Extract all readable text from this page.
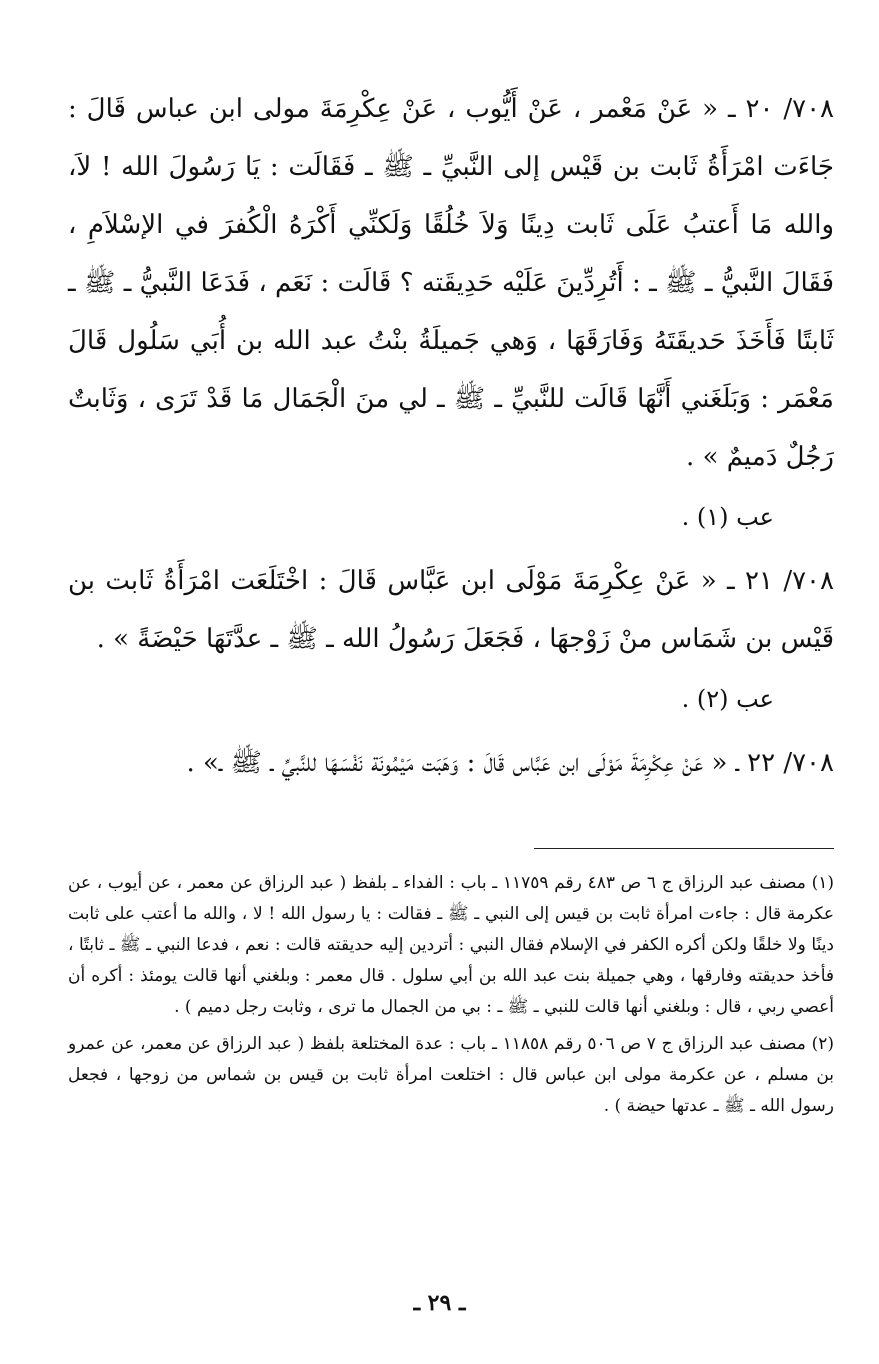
٧٠٨/ ٢٠ ـ « عَنْ مَعْمر ، عَنْ أَيُّوب ، عَنْ عِكْرِمَةَ مولى ابن عباس قَالَ : جَاءَت امْرَأَةُ ثَابت بن قَيْس إلى النَّبيِّ ـ ﷺ ـ فَقَالَت : يَا رَسُولَ الله ! لاَ، والله مَا أَعتبُ عَلَى ثَابت دِينًا وَلاَ خُلُقًا وَلَكنِّي أَكْرَهُ الْكُفرَ في الإسْلاَمِ ، فَقَالَ النَّبيُّ ـ ﷺ ـ : أَتُرِدِّينَ عَلَيْه حَدِيقَته ؟ قَالَت : نَعَم ، فَدَعَا النَّبيُّ ـ ﷺ ـ ثَابتًا فَأَخَذَ حَديقَتَهُ وَفَارَقَهَا ، وَهي جَميلَةُ بنْتُ عبد الله بن أُبَي سَلُول قَالَ مَعْمَر : وَبَلَغَني أَنَّهَا قَالَت للنَّبيِّ ـ ﷺ ـ لي منَ الْجَمَال مَا قَدْ تَرَى ، وَثَابتٌ رَجُلٌ دَميمٌ » .

عب (١) .

٧٠٨/ ٢١ ـ « عَنْ عِكْرِمَةَ مَوْلَى ابن عَبَّاس قَالَ : اخْتَلَعَت امْرَأَةُ ثَابت بن قَيْس بن شَمَاس منْ زَوْجهَا ، فَجَعَلَ رَسُولُ الله ـ ﷺ ـ عدَّتَهَا حَيْضَةً » .

عب (٢) .

٧٠٨/ ٢٢ ـ « عَنْ عِكْرِمَةَ مَوْلَى ابن عَبَّاس قَالَ : وَهَبَت مَيْمُونَة نَفْسَهَا للنَّبيِّ ـ ﷺ ـ» .

(١) مصنف عبد الرزاق ج ٦ ص ٤٨٣ رقم ١١٧٥٩ ـ باب : الفداء ـ بلفظ ( عبد الرزاق عن معمر ، عن أيوب ، عن عكرمة قال : جاءت امرأة ثابت بن قيس إلى النبي ـ ﷺ ـ فقالت : يا رسول الله ! لا ، والله ما أعتب على ثابت دينًا ولا خلقًا ولكن أكره الكفر في الإسلام فقال النبي : أتردين إليه حديقته قالت : نعم ، فدعا النبي ـ ﷺ ـ ثابتًا ، فأخذ حديقته وفارقها ، وهي جميلة بنت عبد الله بن أبي سلول . قال معمر : وبلغني أنها قالت يومئذ : أكره أن أعصي ربي ، قال : وبلغني أنها قالت للنبي ـ ﷺ ـ : بي من الجمال ما ترى ، وثابت رجل دميم ) .

(٢) مصنف عبد الرزاق ج ٧ ص ٥٠٦ رقم ١١٨٥٨ ـ باب : عدة المختلعة بلفظ ( عبد الرزاق عن معمر، عن عمرو بن مسلم ، عن عكرمة مولى ابن عباس قال : اختلعت امرأة ثابت بن قيس بن شماس من زوجها ، فجعل رسول الله ـ ﷺ ـ عدتها حيضة ) .

ـ ٢٩ ـ
